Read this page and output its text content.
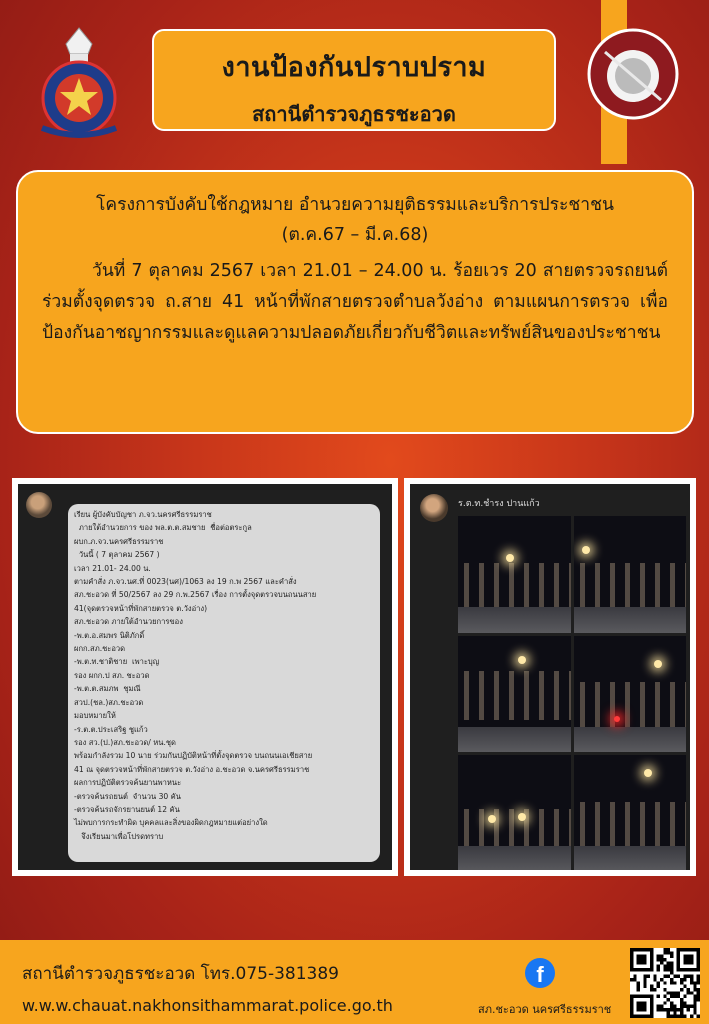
งานป้องกันปราบปราม
สถานีตำรวจภูธรชะอวด
โครงการบังคับใช้กฎหมาย อำนวยความยุติธรรมและบริการประชาชน
(ต.ค.67 – มี.ค.68)
วันที่ 7 ตุลาคม 2567 เวลา 21.01 – 24.00 น. ร้อยเวร 20 สายตรวจรถยนต์ ร่วมตั้งจุดตรวจ ถ.สาย 41 หน้าที่พักสายตรวจตำบลวังอ่าง ตามแผนการตรวจ เพื่อป้องกันอาชญากรรมและดูแลความปลอดภัยเกี่ยวกับชีวิตและทรัพย์สินของประชาชน
เรียน ผู้บังคับบัญชา ภ.จว.นครศรีธรรมราช
ภายใต้อำนวยการ ของ พล.ต.ต.สมชาย  ชื่อต่อตระกูล
ผบก.ภ.จว.นครศรีธรรมราช
วันนี้ ( 7 ตุลาคม 2567 )
เวลา 21.01- 24.00 น.
ตามคำสั่ง ภ.จว.นศ.ที่ 0023(นศ)/1063 ลง 19 ก.พ 2567 และคำสั่ง
สภ.ชะอวด ที่ 50/2567 ลง 29 ก.พ.2567 เรื่อง การตั้งจุดตรวจบนถนนสาย
41(จุดตรวจหน้าที่พักสายตรวจ ต.วังอ่าง)
สภ.ชะอวด ภายใต้อำนวยการของ
-พ.ต.อ.สมพร นิติภักดิ์
ผกก.สภ.ชะอวด
-พ.ต.ท.ชาติชาย  เพาะบุญ
รอง ผกก.ป สภ. ชะอวด
-พ.ต.ต.สมภพ  ชุมณี
สวป.(ชล.)สภ.ชะอวด
มอบหมายให้
-ร.ต.ต.ประเสริฐ ชูแก้ว
รอง สว.(ป.)สภ.ชะอวด/ หน.ชุด
พร้อมกำลังรวม 10 นาย ร่วมกันปฏิบัติหน้าที่ตั้งจุดตรวจ บนถนนเอเชียสาย
41 ณ จุดตรวจหน้าที่พักสายตรวจ ต.วังอ่าง อ.ชะอวด จ.นครศรีธรรมราช
ผลการปฏิบัติตรวจค้นยานพาหนะ
-ตรวจค้นรถยนต์  จำนวน 30 คัน
-ตรวจค้นรถจักรยานยนต์ 12 คัน
ไม่พบการกระทำผิด บุคคลและสิ่งของผิดกฎหมายแต่อย่างใด
จึงเรียนมาเพื่อโปรดทราบ
ร.ต.ท.ชำรง ปานแก้ว
สถานีตำรวจภูธรชะอวด โทร.075-381389
w.w.w.chauat.nakhonsithammarat.police.go.th
f
สภ.ชะอวด นครศรีธรรมราช
